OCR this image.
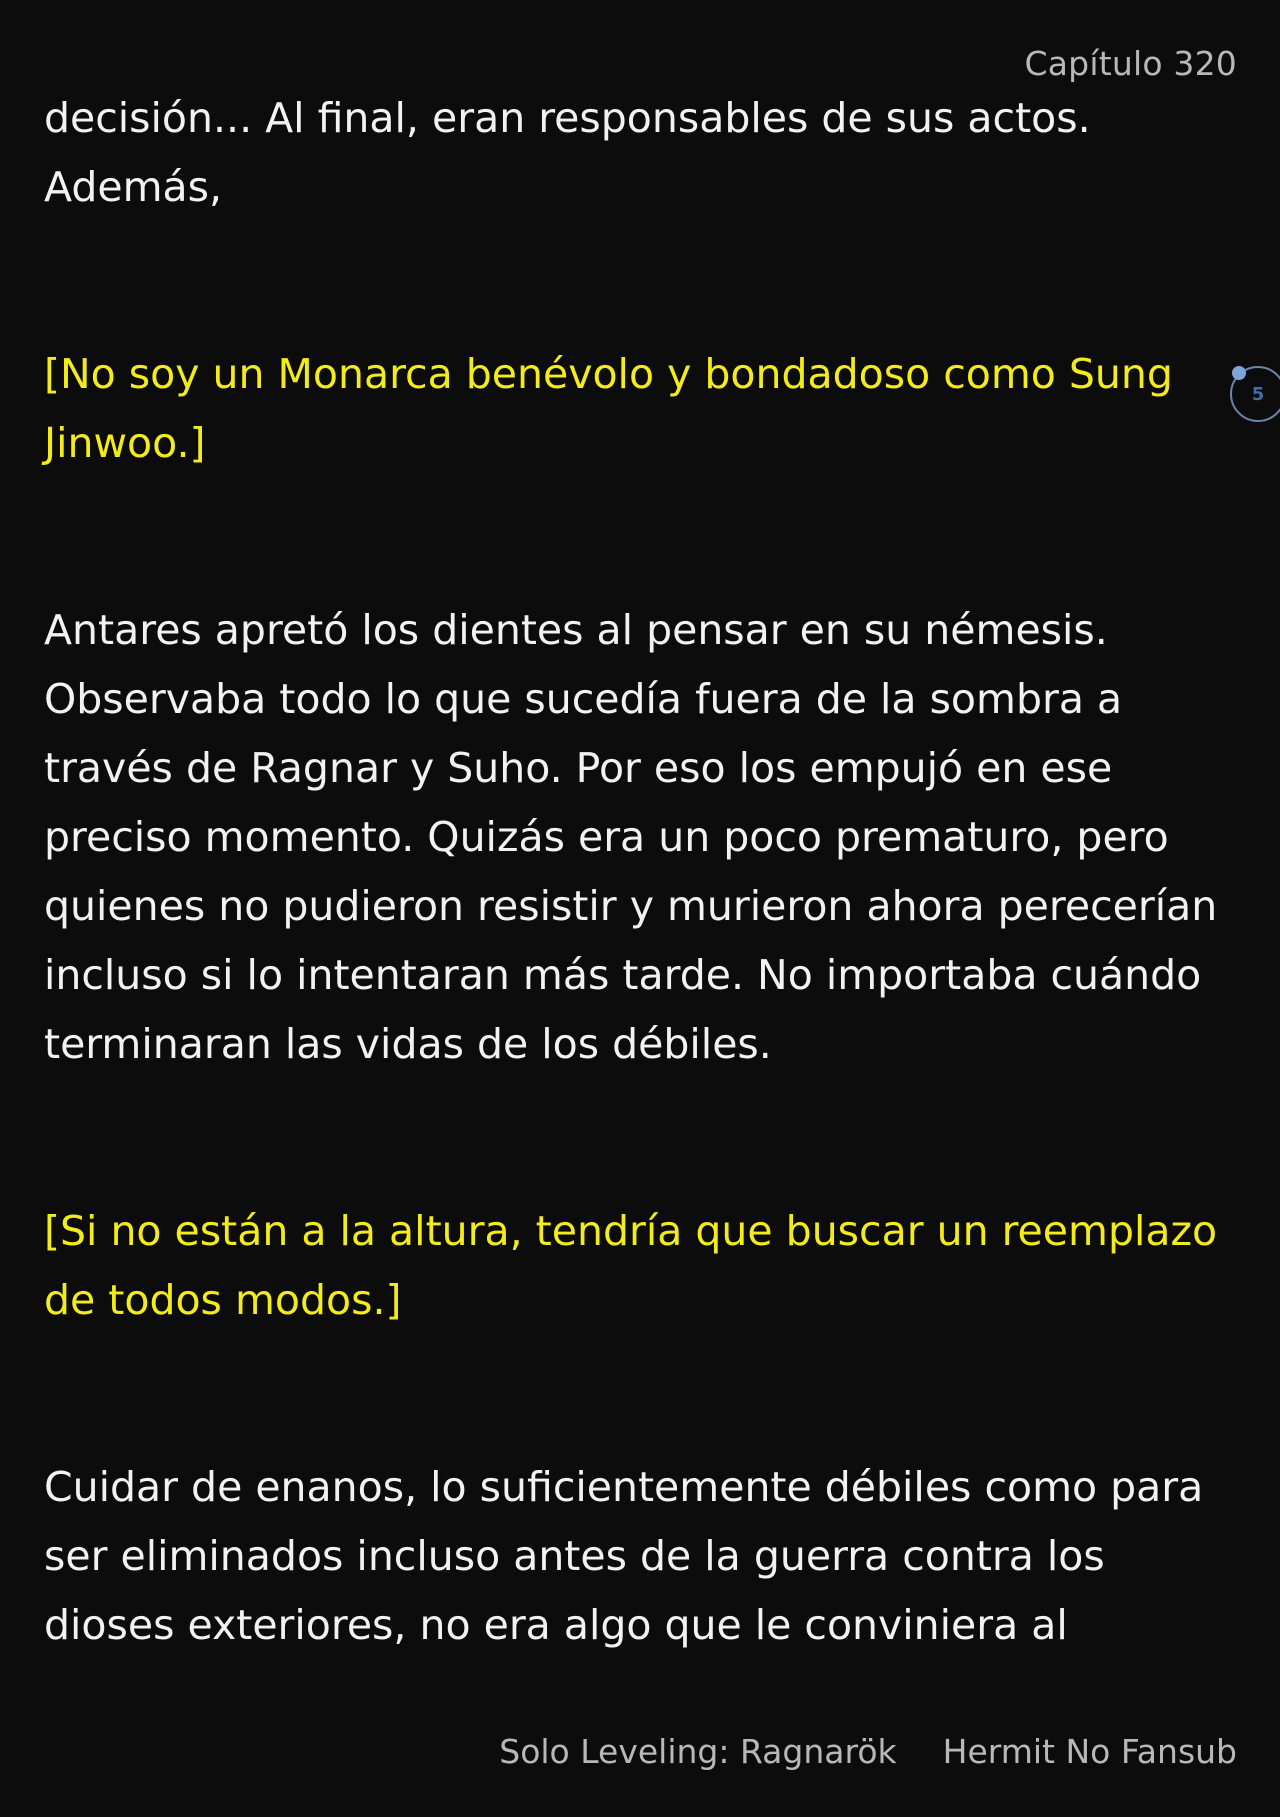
Capítulo 320
decisión... Al final, eran responsables de sus actos.
Además,
[No soy un Monarca benévolo y bondadoso como Sung
Jinwoo.]
Antares apretó los dientes al pensar en su némesis.
Observaba todo lo que sucedía fuera de la sombra a
través de Ragnar y Suho. Por eso los empujó en ese
preciso momento. Quizás era un poco prematuro, pero
quienes no pudieron resistir y murieron ahora perecerían
incluso si lo intentaran más tarde. No importaba cuándo
terminaran las vidas de los débiles.
[Si no están a la altura, tendría que buscar un reemplazo
de todos modos.]
Cuidar de enanos, lo suficientemente débiles como para
ser eliminados incluso antes de la guerra contra los
dioses exteriores, no era algo que le conviniera al
5
Solo Leveling: Ragnarök Hermit No Fansub
